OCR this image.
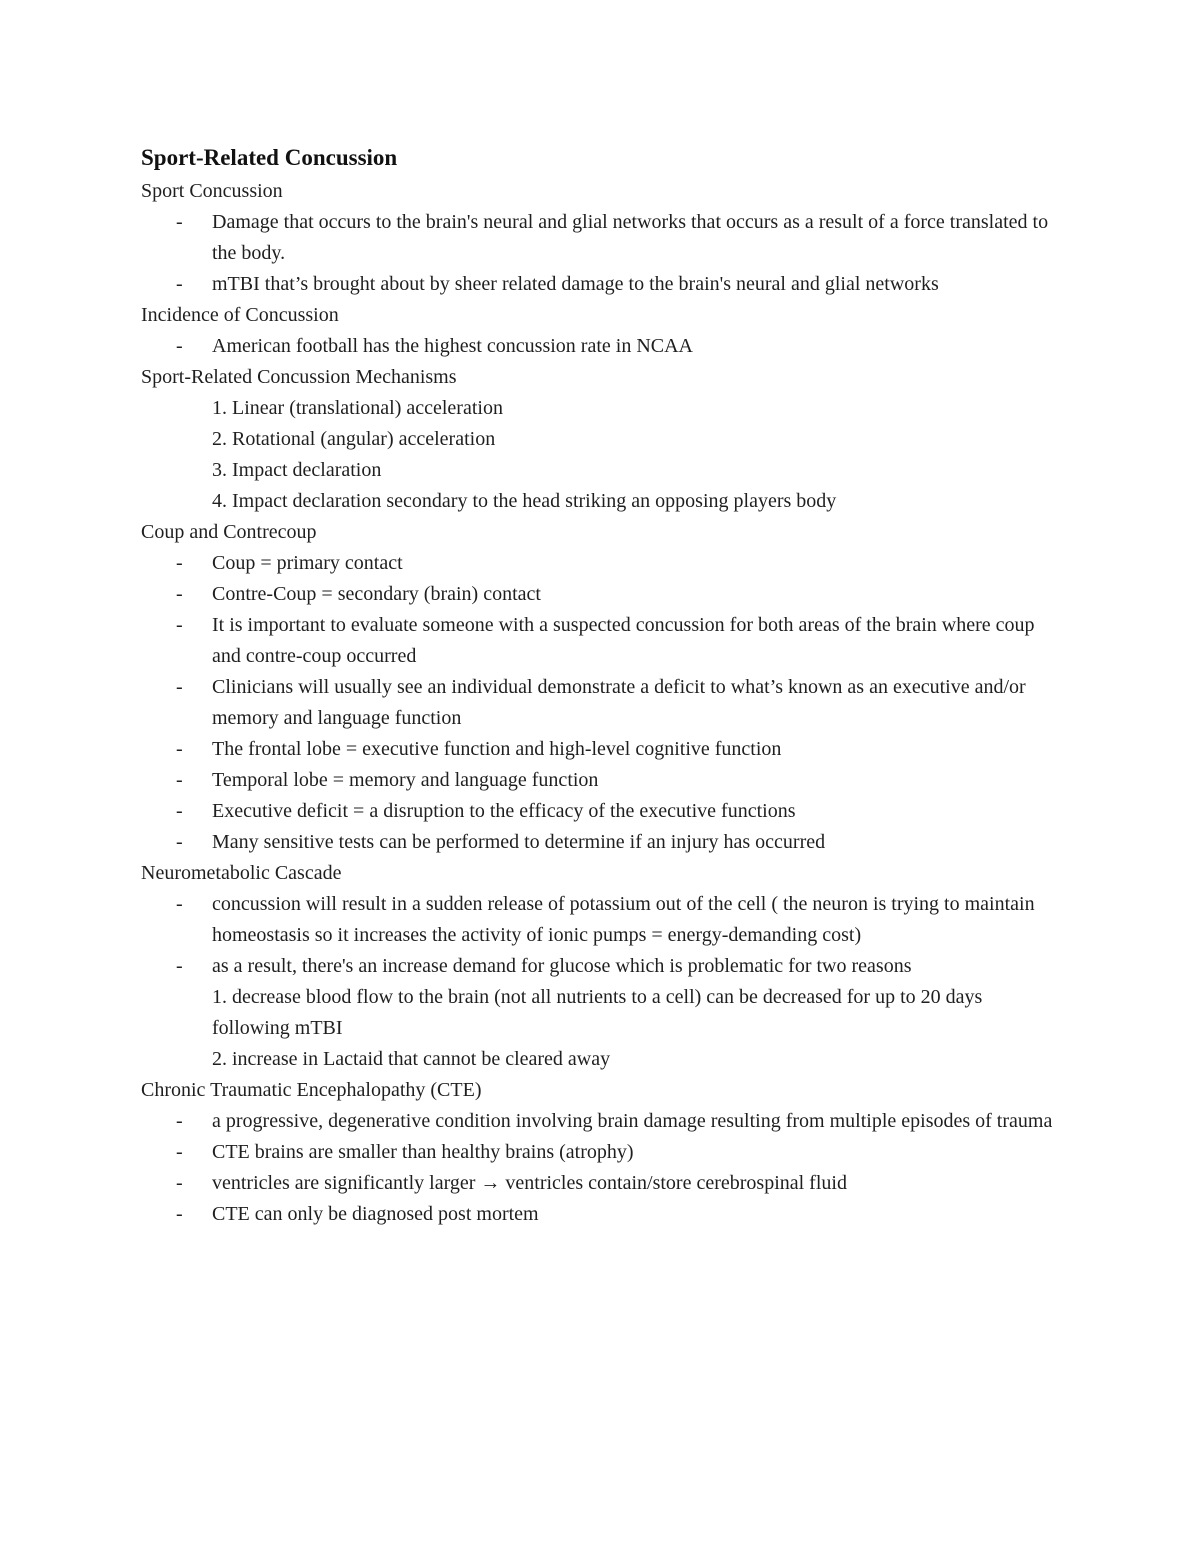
Sport-Related Concussion
Sport Concussion
- Damage that occurs to the brain's neural and glial networks that occurs as a result of a force translated to the body.
- mTBI that’s brought about by sheer related damage to the brain's neural and glial networks
Incidence of Concussion
- American football has the highest concussion rate in NCAA
Sport-Related Concussion Mechanisms
1. Linear (translational) acceleration
2. Rotational (angular) acceleration
3. Impact declaration
4. Impact declaration secondary to the head striking an opposing players body
Coup and Contrecoup
- Coup = primary contact
- Contre-Coup = secondary (brain) contact
- It is important to evaluate someone with a suspected concussion for both areas of the brain where coup and contre-coup occurred
- Clinicians will usually see an individual demonstrate a deficit to what’s known as an executive and/or memory and language function
- The frontal lobe = executive function and high-level cognitive function
- Temporal lobe = memory and language function
- Executive deficit = a disruption to the efficacy of the executive functions
- Many sensitive tests can be performed to determine if an injury has occurred
Neurometabolic Cascade
- concussion will result in a sudden release of potassium out of the cell ( the neuron is trying to maintain homeostasis so it increases the activity of ionic pumps = energy-demanding cost)
- as a result, there's an increase demand for glucose which is problematic for two reasons
1. decrease blood flow to the brain (not all nutrients to a cell) can be decreased for up to 20 days following mTBI
2. increase in Lactaid that cannot be cleared away
Chronic Traumatic Encephalopathy (CTE)
- a progressive, degenerative condition involving brain damage resulting from multiple episodes of trauma
- CTE brains are smaller than healthy brains (atrophy)
- ventricles are significantly larger → ventricles contain/store cerebrospinal fluid
- CTE can only be diagnosed post mortem
